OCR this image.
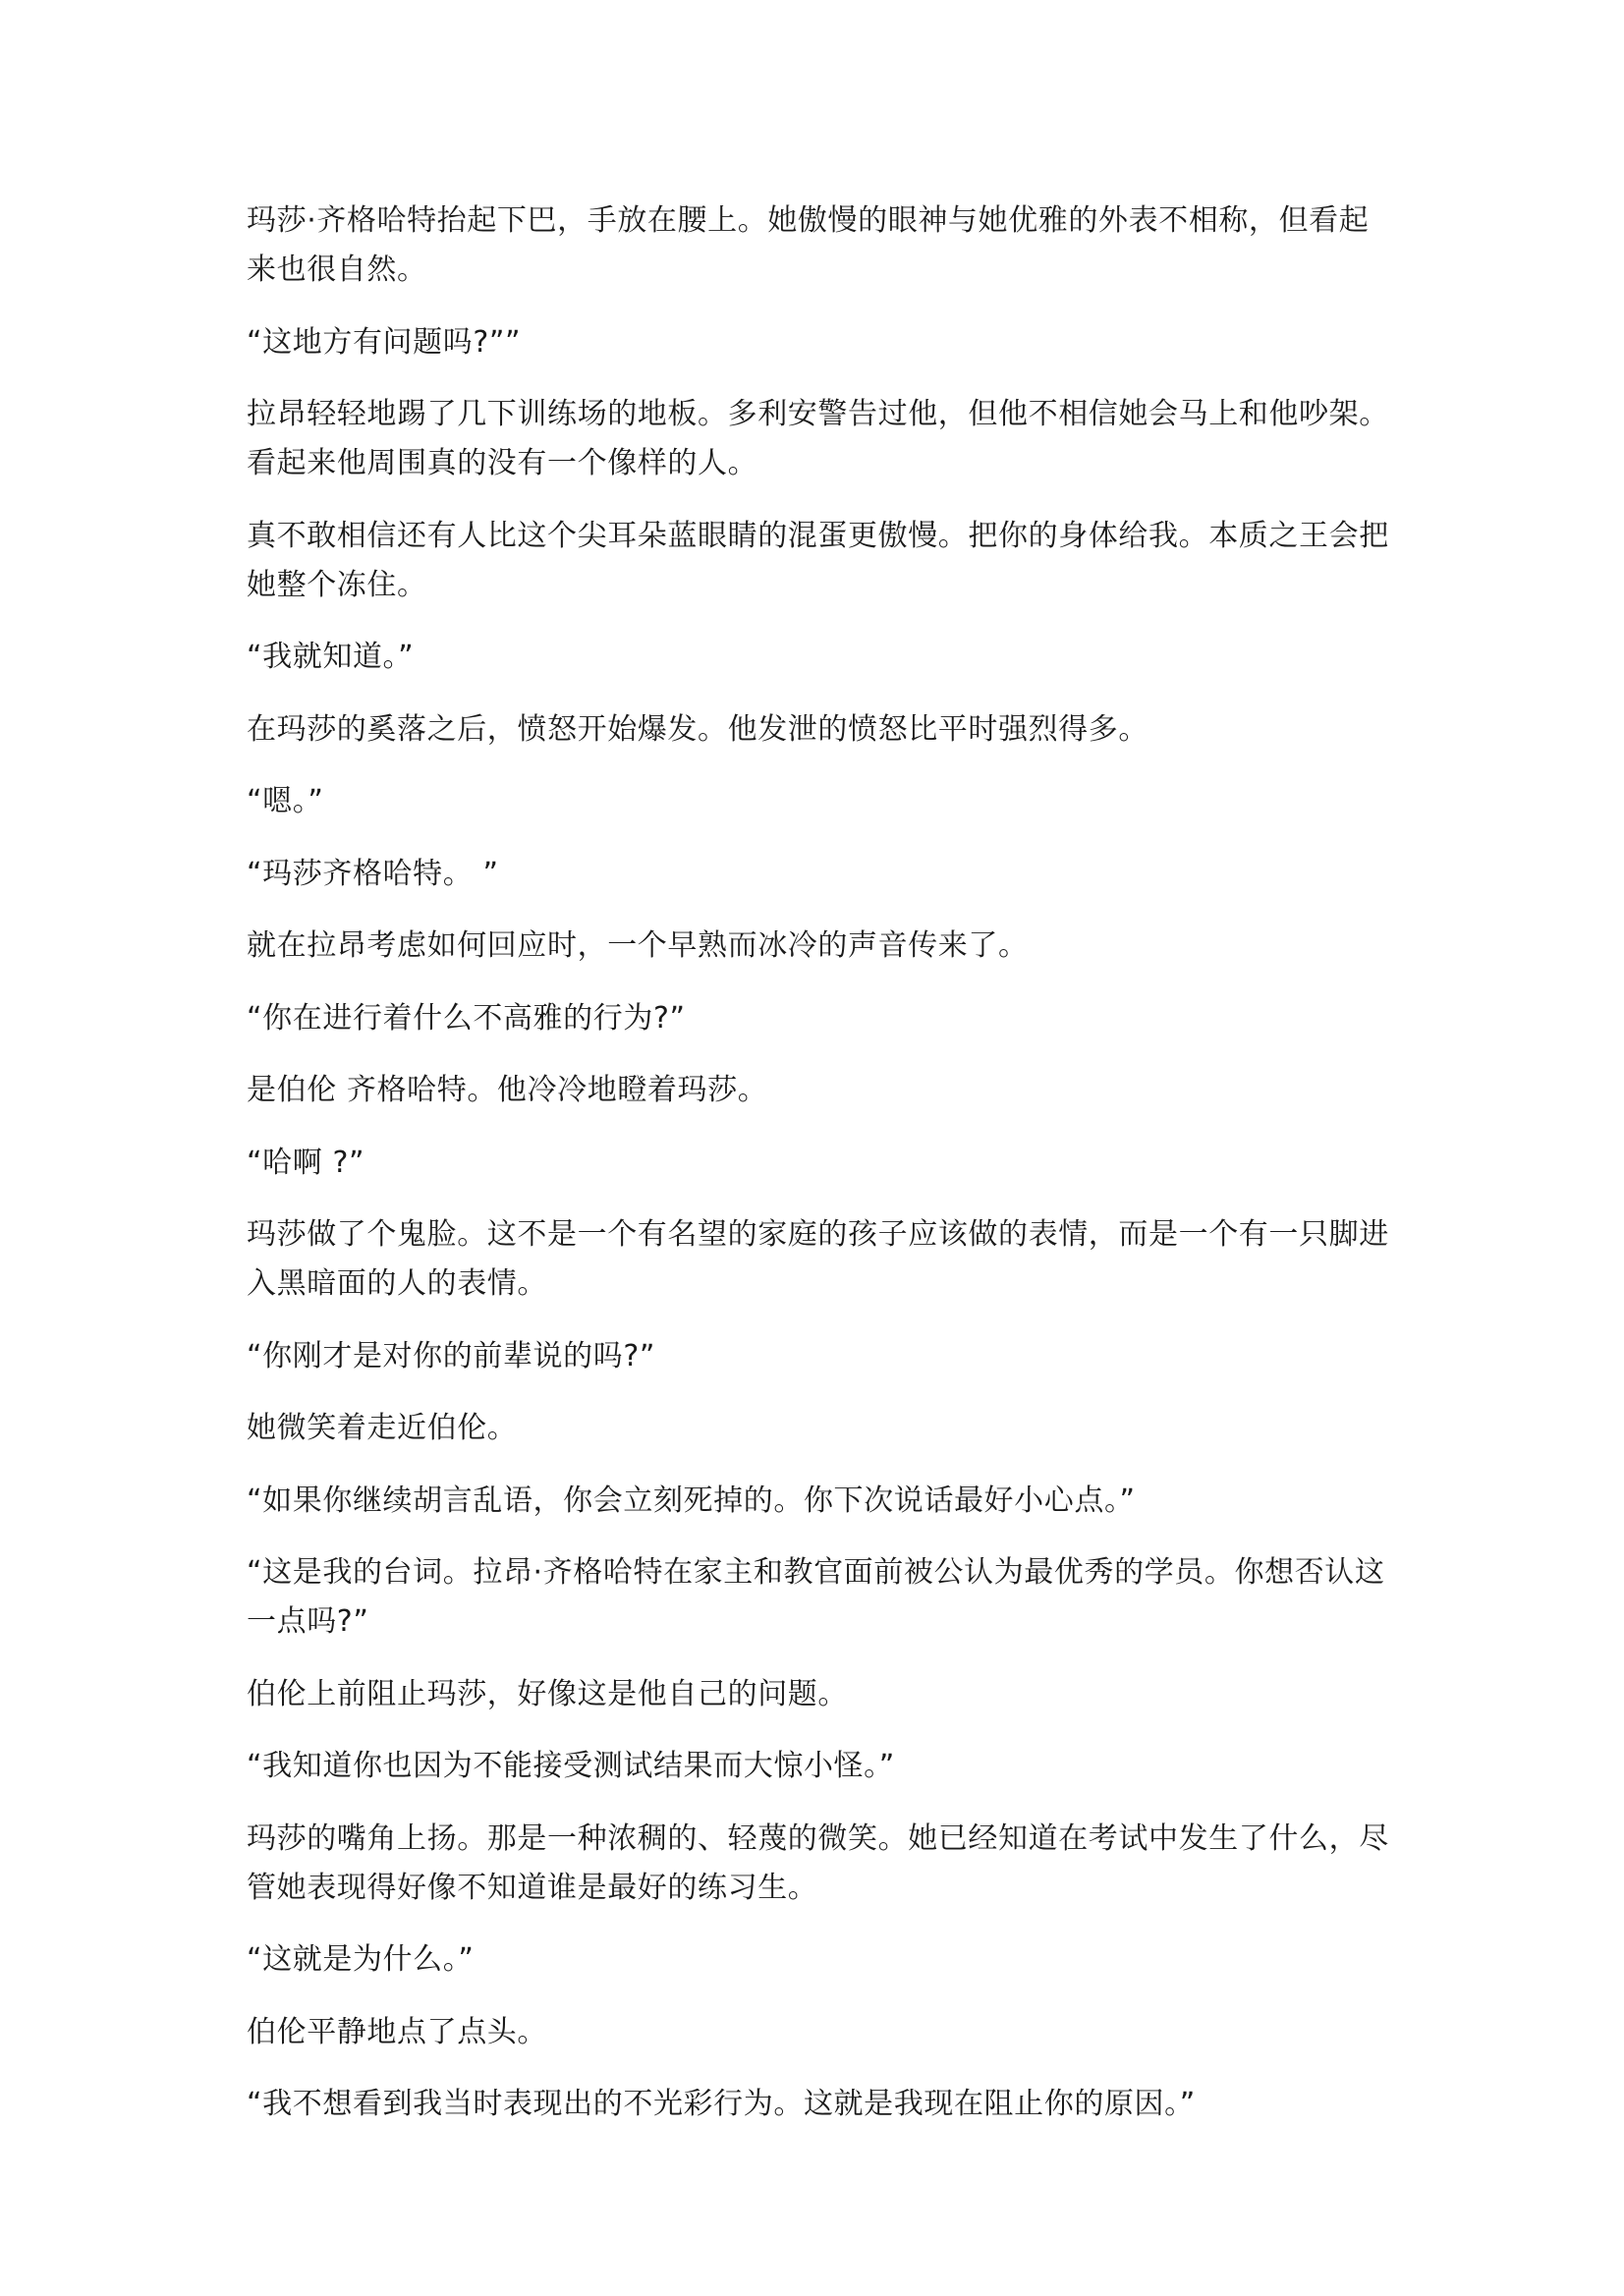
玛莎·齐格哈特抬起下巴，手放在腰上。她傲慢的眼神与她优雅的外表不相称，但看起来也很自然。

“这地方有问题吗?””

拉昂轻轻地踢了几下训练场的地板。多利安警告过他，但他不相信她会马上和他吵架。看起来他周围真的没有一个像样的人。

真不敢相信还有人比这个尖耳朵蓝眼睛的混蛋更傲慢。把你的身体给我。本质之王会把她整个冻住。

“我就知道。”

在玛莎的奚落之后，愤怒开始爆发。他发泄的愤怒比平时强烈得多。

“嗯。”

“玛莎齐格哈特。 ”

就在拉昂考虑如何回应时，一个早熟而冰冷的声音传来了。

“你在进行着什么不高雅的行为?”

是伯伦 齐格哈特。他冷冷地瞪着玛莎。

“哈啊 ?”

玛莎做了个鬼脸。这不是一个有名望的家庭的孩子应该做的表情，而是一个有一只脚进入黑暗面的人的表情。

“你刚才是对你的前辈说的吗?”

她微笑着走近伯伦。

“如果你继续胡言乱语，你会立刻死掉的。你下次说话最好小心点。”

“这是我的台词。拉昂·齐格哈特在家主和教官面前被公认为最优秀的学员。你想否认这一点吗?”

伯伦上前阻止玛莎，好像这是他自己的问题。

“我知道你也因为不能接受测试结果而大惊小怪。”

玛莎的嘴角上扬。那是一种浓稠的、轻蔑的微笑。她已经知道在考试中发生了什么，尽管她表现得好像不知道谁是最好的练习生。

“这就是为什么。”

伯伦平静地点了点头。

“我不想看到我当时表现出的不光彩行为。这就是我现在阻止你的原因。”
